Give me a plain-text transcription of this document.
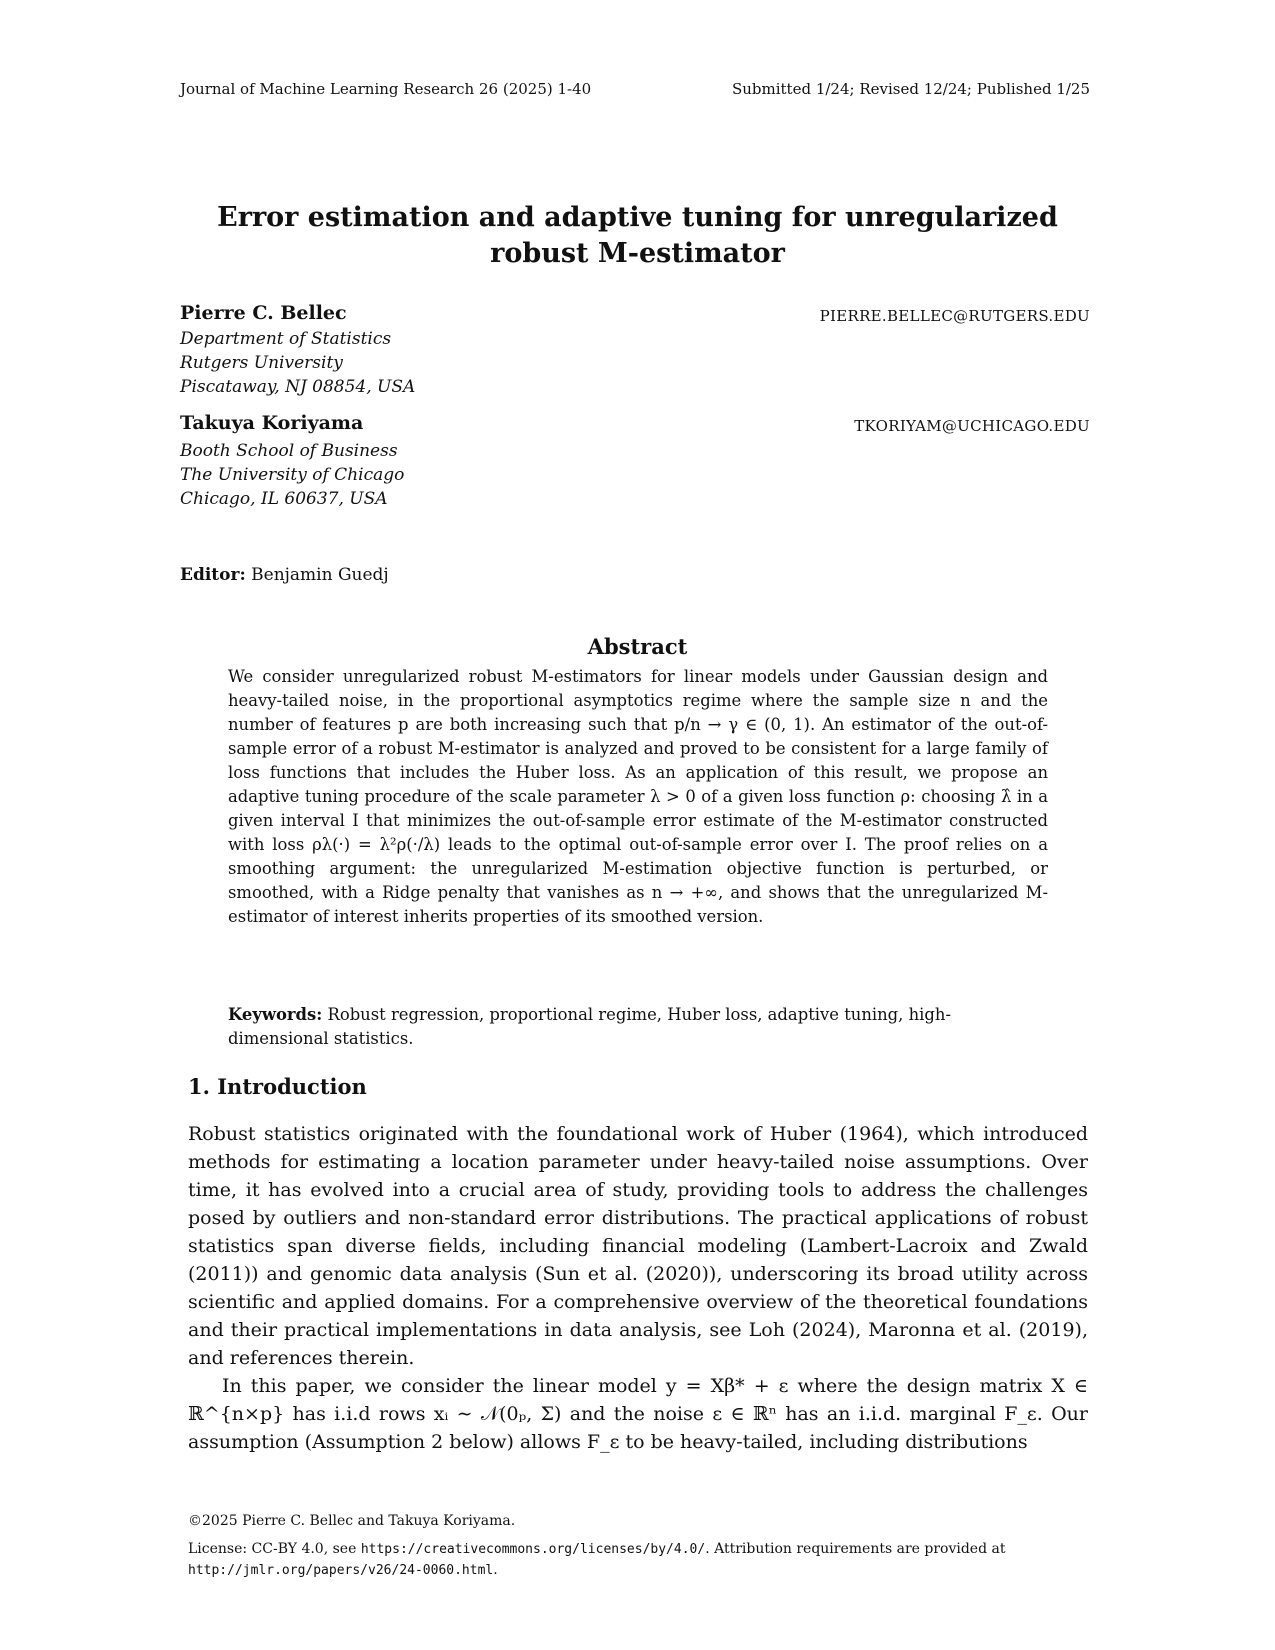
Journal of Machine Learning Research 26 (2025) 1-40	Submitted 1/24; Revised 12/24; Published 1/25
Error estimation and adaptive tuning for unregularized
robust M-estimator
Pierre C. Bellec	PIERRE.BELLEC@RUTGERS.EDU
Department of Statistics
Rutgers University
Piscataway, NJ 08854, USA
Takuya Koriyama	TKORIYAM@UCHICAGO.EDU
Booth School of Business
The University of Chicago
Chicago, IL 60637, USA
Editor: Benjamin Guedj
Abstract
We consider unregularized robust M-estimators for linear models under Gaussian design and heavy-tailed noise, in the proportional asymptotics regime where the sample size n and the number of features p are both increasing such that p/n → γ ∈ (0, 1). An estimator of the out-of-sample error of a robust M-estimator is analyzed and proved to be consistent for a large family of loss functions that includes the Huber loss. As an application of this result, we propose an adaptive tuning procedure of the scale parameter λ > 0 of a given loss function ρ: choosing λ̂ in a given interval I that minimizes the out-of-sample error estimate of the M-estimator constructed with loss ρλ(·) = λ²ρ(·/λ) leads to the optimal out-of-sample error over I. The proof relies on a smoothing argument: the unregularized M-estimation objective function is perturbed, or smoothed, with a Ridge penalty that vanishes as n → +∞, and shows that the unregularized M-estimator of interest inherits properties of its smoothed version.
Keywords: Robust regression, proportional regime, Huber loss, adaptive tuning, high-dimensional statistics.
1. Introduction

Robust statistics originated with the foundational work of Huber (1964), which introduced methods for estimating a location parameter under heavy-tailed noise assumptions. Over time, it has evolved into a crucial area of study, providing tools to address the challenges posed by outliers and non-standard error distributions. The practical applications of robust statistics span diverse fields, including financial modeling (Lambert-Lacroix and Zwald (2011)) and genomic data analysis (Sun et al. (2020)), underscoring its broad utility across scientific and applied domains. For a comprehensive overview of the theoretical foundations and their practical implementations in data analysis, see Loh (2024), Maronna et al. (2019), and references therein.

In this paper, we consider the linear model y = Xβ* + ε where the design matrix X ∈ ℝ^{n×p} has i.i.d rows xᵢ ∼ 𝒩(0ₚ, Σ) and the noise ε ∈ ℝⁿ has an i.i.d. marginal F_ε. Our assumption (Assumption 2 below) allows F_ε to be heavy-tailed, including distributions

©2025 Pierre C. Bellec and Takuya Koriyama.
License: CC-BY 4.0, see https://creativecommons.org/licenses/by/4.0/. Attribution requirements are provided at http://jmlr.org/papers/v26/24-0060.html.
